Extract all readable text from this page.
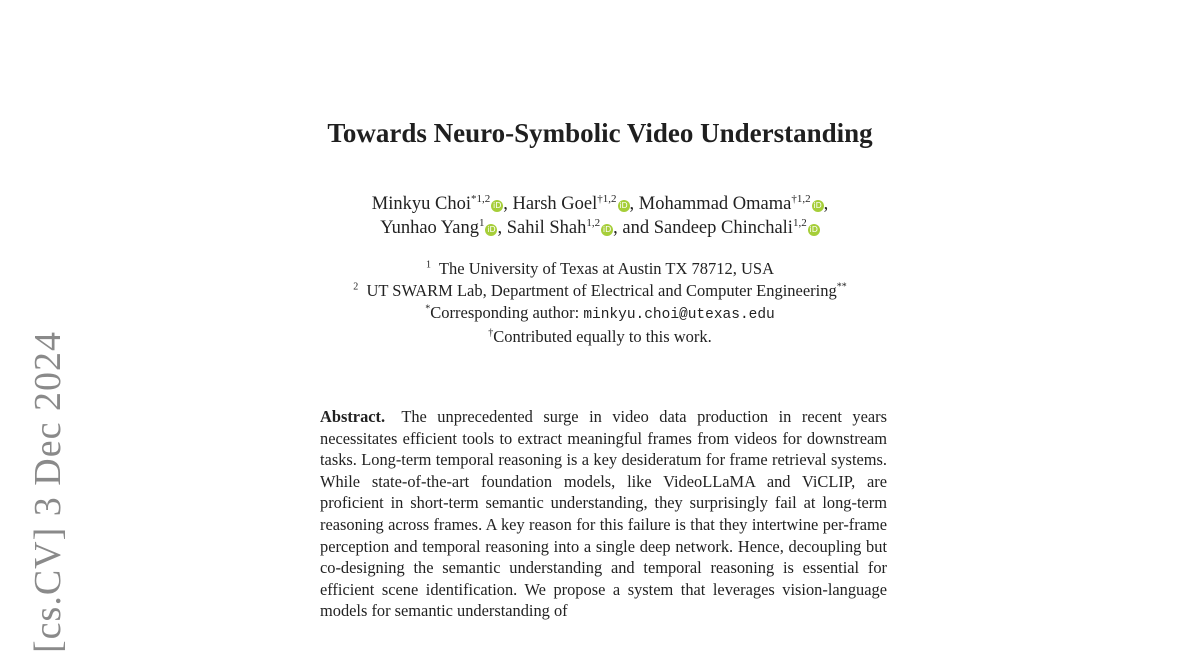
[cs.CV] 3 Dec 2024
Towards Neuro-Symbolic Video Understanding
Minkyu Choi$^{*1,2}$iD, Harsh Goel$^{\dagger 1,2}$iD, Mohammad Omama$^{\dagger 1,2}$iD,
Yunhao Yang$^1$iD, Sahil Shah$^{1,2}$iD, and Sandeep Chinchali$^{1,2}$iD
$^1$ The University of Texas at Austin TX 78712, USA
$^2$ UT SWARM Lab, Department of Electrical and Computer Engineering**
*Corresponding author: minkyu.choi@utexas.edu
†Contributed equally to this work.
Abstract. The unprecedented surge in video data production in recent years necessitates efficient tools to extract meaningful frames from videos for downstream tasks. Long-term temporal reasoning is a key desideratum for frame retrieval systems. While state-of-the-art foundation models, like VideoLLaMA and ViCLIP, are proficient in short-term semantic understanding, they surprisingly fail at long-term reasoning across frames. A key reason for this failure is that they intertwine per-frame perception and temporal reasoning into a single deep network. Hence, decoupling but co-designing the semantic understanding and temporal reasoning is essential for efficient scene identification. We propose a system that leverages vision-language models for semantic understanding of
